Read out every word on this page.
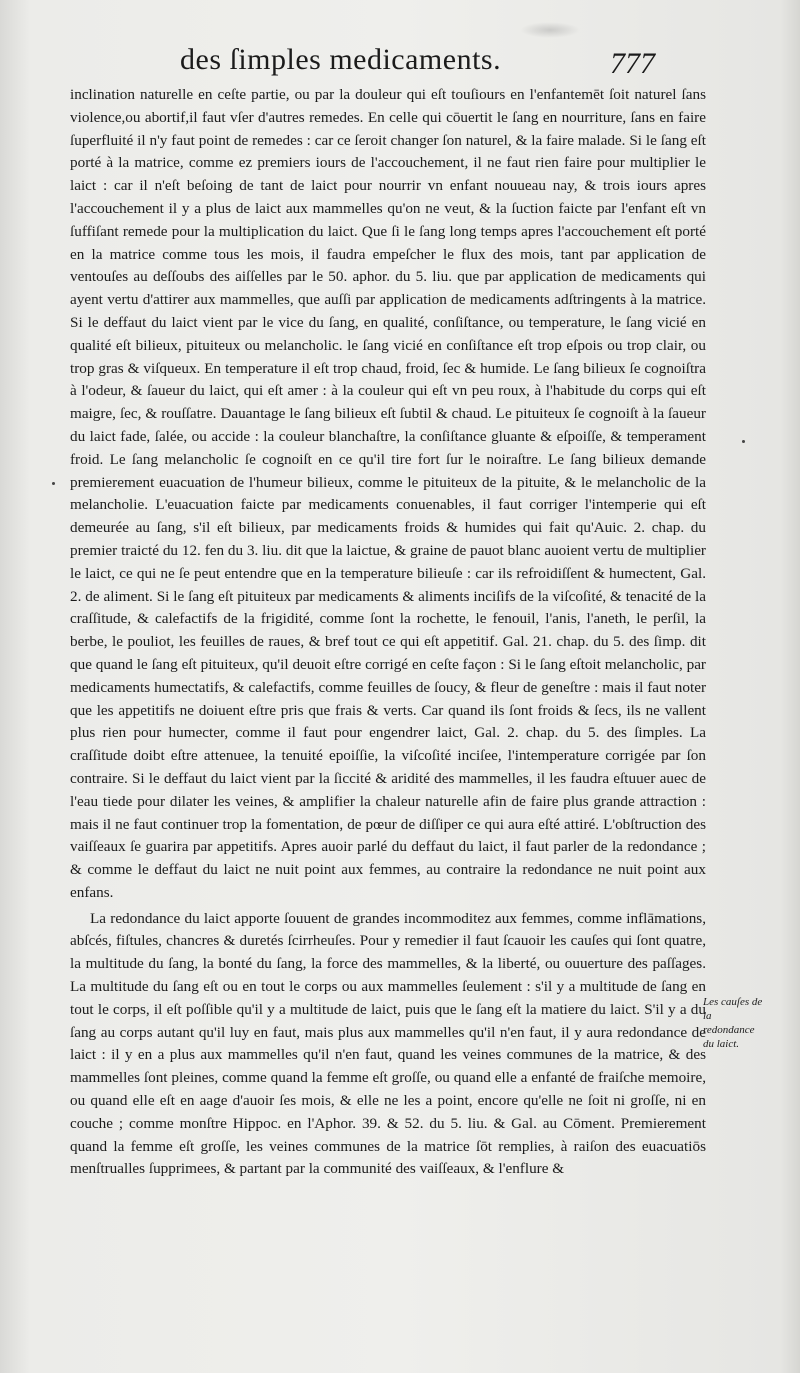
des ſimples medicaments.	777

inclination naturelle en ceſte partie, ou par la douleur qui eſt touſiours en l'enfantemēt ſoit naturel ſans violence,ou abortif,il faut vſer d'autres remedes. En celle qui cōuertit le ſang en nourriture, ſans en faire ſuperfluité il n'y faut point de remedes : car ce ſeroit changer ſon naturel, & la faire malade. Si le ſang eſt porté à la matrice, comme ez premiers iours de l'accouchement, il ne faut rien faire pour multiplier le laict : car il n'eſt beſoing de tant de laict pour nourrir vn enfant nouueau nay, & trois iours apres l'accouchement il y a plus de laict aux mammelles qu'on ne veut, & la ſuction faicte par l'enfant eſt vn ſuffiſant remede pour la multiplication du laict. Que ſi le ſang long temps apres l'accouchement eſt porté en la matrice comme tous les mois, il faudra empeſcher le flux des mois, tant par application de ventouſes au deſſoubs des aiſſelles par le 50. aphor. du 5. liu. que par application de medicaments qui ayent vertu d'attirer aux mammelles, que auſſi par application de medicaments adſtringents à la matrice. Si le deffaut du laict vient par le vice du ſang, en qualité, conſiſtance, ou temperature, le ſang vicié en qualité eſt bilieux, pituiteux ou melancholic. le ſang vicié en conſiſtance eſt trop eſpois ou trop clair, ou trop gras & viſqueux. En temperature il eſt trop chaud, froid, ſec & humide. Le ſang bilieux ſe cognoiſtra à l'odeur, & ſaueur du laict, qui eſt amer : à la couleur qui eſt vn peu roux, à l'habitude du corps qui eſt maigre, ſec, & rouſſatre. Dauantage le ſang bilieux eſt ſubtil & chaud. Le pituiteux ſe cognoiſt à la ſaueur du laict fade, ſalée, ou accide : la couleur blanchaſtre, la conſiſtance gluante & eſpoiſſe, & temperament froid. Le ſang melancholic ſe cognoiſt en ce qu'il tire fort ſur le noiraſtre. Le ſang bilieux demande premierement euacuation de l'humeur bilieux, comme le pituiteux de la pituite, & le melancholic de la melancholie. L'euacuation faicte par medicaments conuenables, il faut corriger l'intemperie qui eſt demeurée au ſang, s'il eſt bilieux, par medicaments froids & humides qui fait qu'Auic. 2. chap. du premier traicté du 12. fen du 3. liu. dit que la laictue, & graine de pauot blanc auoient vertu de multiplier le laict, ce qui ne ſe peut entendre que en la temperature bilieuſe : car ils refroidiſſent & humectent, Gal. 2. de aliment. Si le ſang eſt pituiteux par medicaments & aliments inciſifs de la viſcoſité, & tenacité de la craſſitude, & calefactifs de la frigidité, comme ſont la rochette, le fenouil, l'anis, l'aneth, le perſil, la berbe, le pouliot, les feuilles de raues, & bref tout ce qui eſt appetitif. Gal. 21. chap. du 5. des ſimp. dit que quand le ſang eſt pituiteux, qu'il deuoit eſtre corrigé en ceſte façon : Si le ſang eſtoit melancholic, par medicaments humectatifs, & calefactifs, comme feuilles de ſoucy, & fleur de geneſtre : mais il faut noter que les appetitifs ne doiuent eſtre pris que frais & verts. Car quand ils ſont froids & ſecs, ils ne vallent plus rien pour humecter, comme il faut pour engendrer laict, Gal. 2. chap. du 5. des ſimples. La craſſitude doibt eſtre attenuee, la tenuité epoiſſie, la viſcoſité inciſee, l'intemperature corrigée par ſon contraire. Si le deffaut du laict vient par la ſiccité & aridité des mammelles, il les faudra eſtuuer auec de l'eau tiede pour dilater les veines, & amplifier la chaleur naturelle afin de faire plus grande attraction : mais il ne faut continuer trop la fomentation, de pœur de diſſiper ce qui aura eſté attiré. L'obſtruction des vaiſſeaux ſe guarira par appetitifs. Apres auoir parlé du deffaut du laict, il faut parler de la redondance ; & comme le deffaut du laict ne nuit point aux femmes, au contraire la redondance ne nuit point aux enfans.

La redondance du laict apporte ſouuent de grandes incommoditez aux femmes, comme inflāmations, abſcés, fiſtules, chancres & duretés ſcirrheuſes. Pour y remedier il faut ſcauoir les cauſes qui ſont quatre, la multitude du ſang, la bonté du ſang, la force des mammelles, & la liberté, ou ouuerture des paſſages. La multitude du ſang eſt ou en tout le corps ou aux mammelles ſeulement : s'il y a multitude de ſang en tout le corps, il eſt poſſible qu'il y a multitude de laict, puis que le ſang eſt la matiere du laict. S'il y a du ſang au corps autant qu'il luy en faut, mais plus aux mammelles qu'il n'en faut, il y aura redondance de laict : il y en a plus aux mammelles qu'il n'en faut, quand les veines communes de la matrice, & des mammelles ſont pleines, comme quand la femme eſt groſſe, ou quand elle a enfanté de fraiſche memoire, ou quand elle eſt en aage d'auoir ſes mois, & elle ne les a point, encore qu'elle ne ſoit ni groſſe, ni en couche ; comme monſtre Hippoc. en l'Aphor. 39. & 52. du 5. liu. & Gal. au Cōment. Premierement quand la femme eſt groſſe, les veines communes de la matrice ſōt remplies, à raiſon des euacuatiōs menſtrualles ſupprimees, & partant par la communité des vaiſſeaux, & l'enflure &

Les cauſes de la redondance du laict.
